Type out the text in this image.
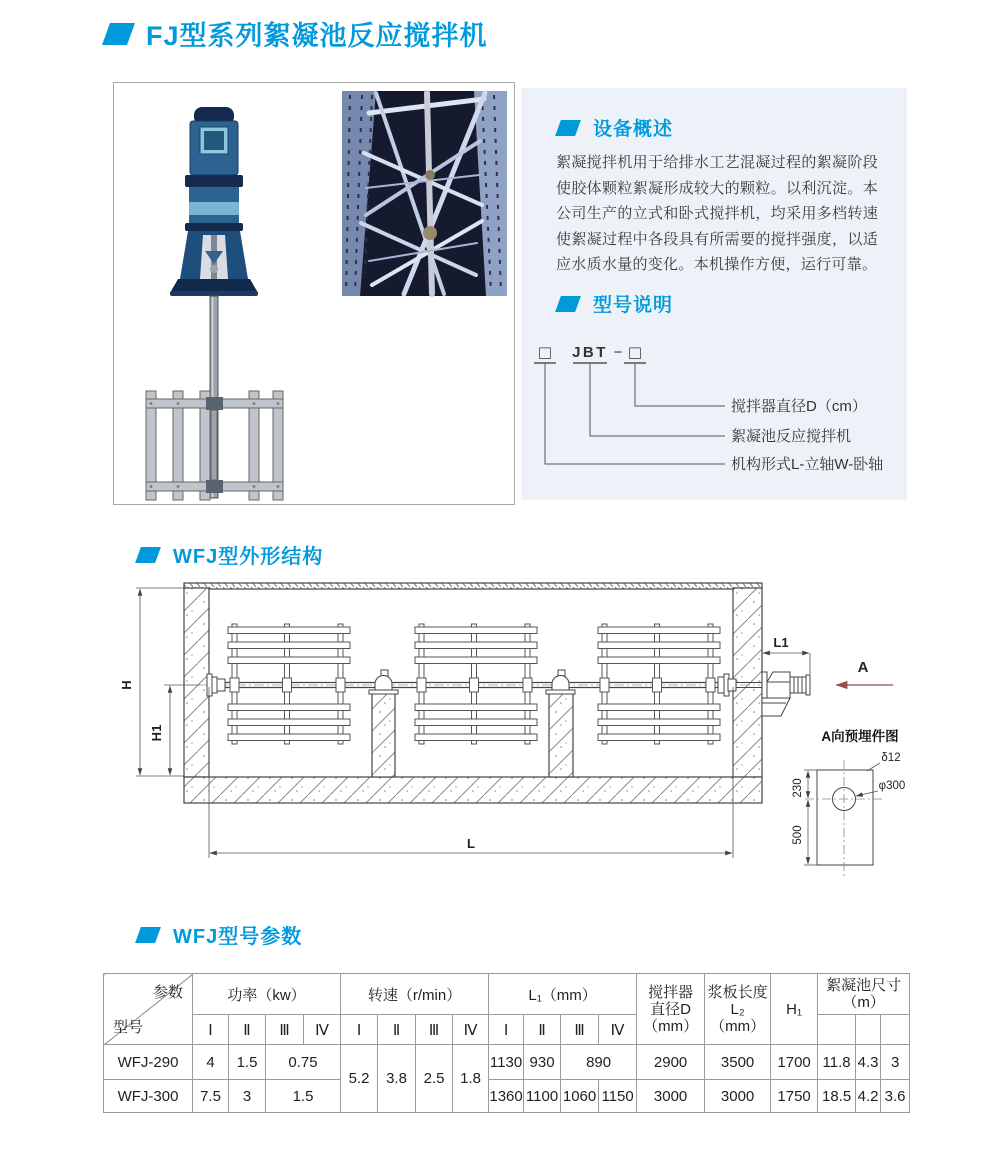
FJ型系列絮凝池反应搅拌机
设备概述

絮凝搅拌机用于给排水工艺混凝过程的絮凝阶段使胶体颗粒絮凝形成较大的颗粒。以利沉淀。本公司生产的立式和卧式搅拌机，均采用多档转速使絮凝过程中各段具有所需要的搅拌强度，以适应水质水量的变化。本机操作方便，运行可靠。

型号说明
□ JBT − □
搅拌器直径D（cm）
絮凝池反应搅拌机
机构形式L-立轴W-卧轴
WFJ型外形结构
H
H1
L
L1
A
A向预埋件图
230
500
δ12
φ300
WFJ型号参数
参数
型号	功率（kw）				转速（r/min）				L₁（mm）				搅拌器
直径D
（mm）	浆板长度
L₂
（mm）	H₁	絮凝池尺寸
（m）		

	Ⅰ	Ⅱ	Ⅲ	Ⅳ	Ⅰ	Ⅱ	Ⅲ	Ⅳ	Ⅰ	Ⅱ	Ⅲ	Ⅳ						
WFJ-290	4	1.5	0.75		5.2	3.8	2.5	1.8	1130	930	890		2900	3500	1700	11.8	4.3	3
WFJ-300	7.5	3	1.5						1360	1100	1060	1150	3000	3000	1750	18.5	4.2	3.6
